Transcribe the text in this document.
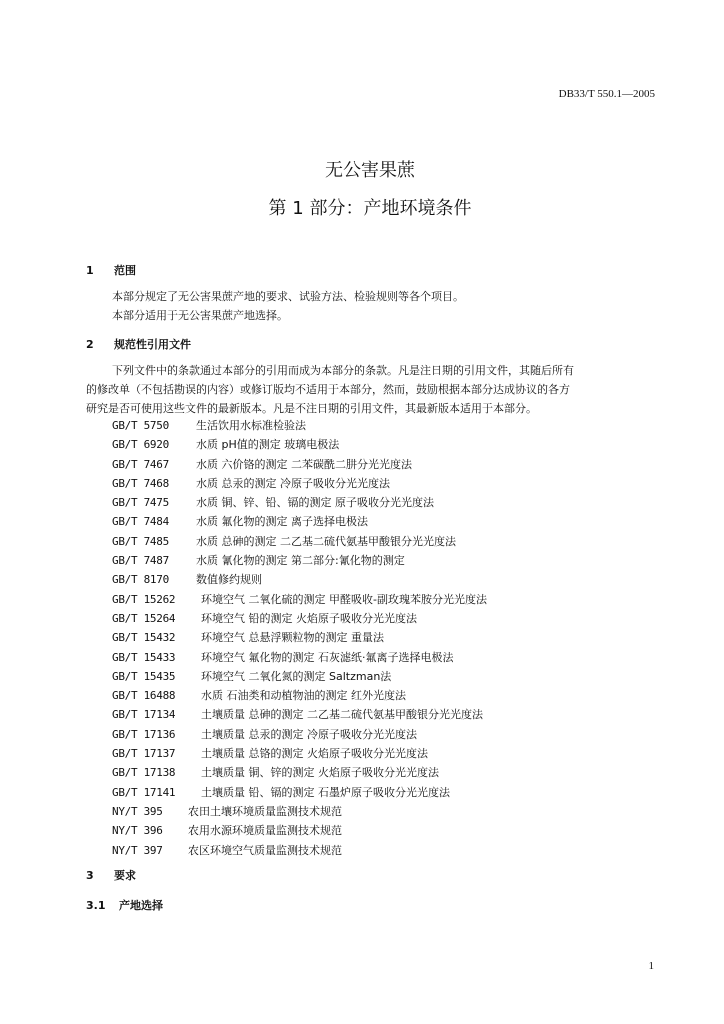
DB33/T 550.1—2005
无公害果蔗
第 1 部分：产地环境条件
1 范围
本部分规定了无公害果蔗产地的要求、试验方法、检验规则等各个项目。
本部分适用于无公害果蔗产地选择。
2 规范性引用文件
下列文件中的条款通过本部分的引用而成为本部分的条款。凡是注日期的引用文件，其随后所有
的修改单（不包括勘误的内容）或修订版均不适用于本部分，然而，鼓励根据本部分达成协议的各方
研究是否可使用这些文件的最新版本。凡是不注日期的引用文件，其最新版本适用于本部分。
GB/T 5750 生活饮用水标准检验法
GB/T 6920 水质 pH值的测定 玻璃电极法
GB/T 7467 水质 六价铬的测定 二苯碳酰二肼分光光度法
GB/T 7468 水质 总汞的测定 冷原子吸收分光光度法
GB/T 7475 水质 铜、锌、铅、镉的测定 原子吸收分光光度法
GB/T 7484 水质 氟化物的测定 离子选择电极法
GB/T 7485 水质 总砷的测定 二乙基二硫代氨基甲酸银分光光度法
GB/T 7487 水质 氰化物的测定 第二部分:氰化物的测定
GB/T 8170 数值修约规则
GB/T 15262 环境空气 二氧化硫的测定 甲醛吸收-副玫瑰苯胺分光光度法
GB/T 15264 环境空气 铅的测定 火焰原子吸收分光光度法
GB/T 15432 环境空气 总悬浮颗粒物的测定 重量法
GB/T 15433 环境空气 氟化物的测定 石灰滤纸·氟离子选择电极法
GB/T 15435 环境空气 二氧化氮的测定 Saltzman法
GB/T 16488 水质 石油类和动植物油的测定 红外光度法
GB/T 17134 土壤质量 总砷的测定 二乙基二硫代氨基甲酸银分光光度法
GB/T 17136 土壤质量 总汞的测定 冷原子吸收分光光度法
GB/T 17137 土壤质量 总铬的测定 火焰原子吸收分光光度法
GB/T 17138 土壤质量 铜、锌的测定 火焰原子吸收分光光度法
GB/T 17141 土壤质量 铅、镉的测定 石墨炉原子吸收分光光度法
NY/T 395 农田土壤环境质量监测技术规范
NY/T 396 农用水源环境质量监测技术规范
NY/T 397 农区环境空气质量监测技术规范
3 要求
3.1 产地选择
1
